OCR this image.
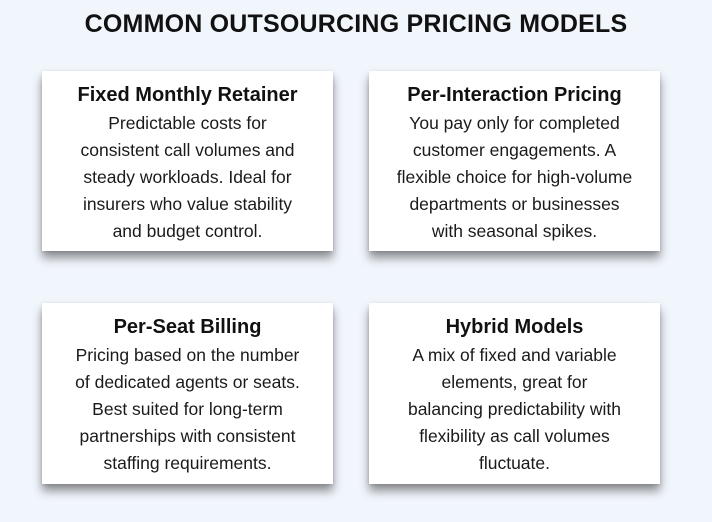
COMMON OUTSOURCING PRICING MODELS
Fixed Monthly Retainer
Predictable costs for
consistent call volumes and
steady workloads. Ideal for
insurers who value stability
and budget control.
Per-Interaction Pricing
You pay only for completed
customer engagements. A
flexible choice for high-volume
departments or businesses
with seasonal spikes.
Per-Seat Billing
Pricing based on the number
of dedicated agents or seats.
Best suited for long-term
partnerships with consistent
staffing requirements.
Hybrid Models
A mix of fixed and variable
elements, great for
balancing predictability with
flexibility as call volumes
fluctuate.
